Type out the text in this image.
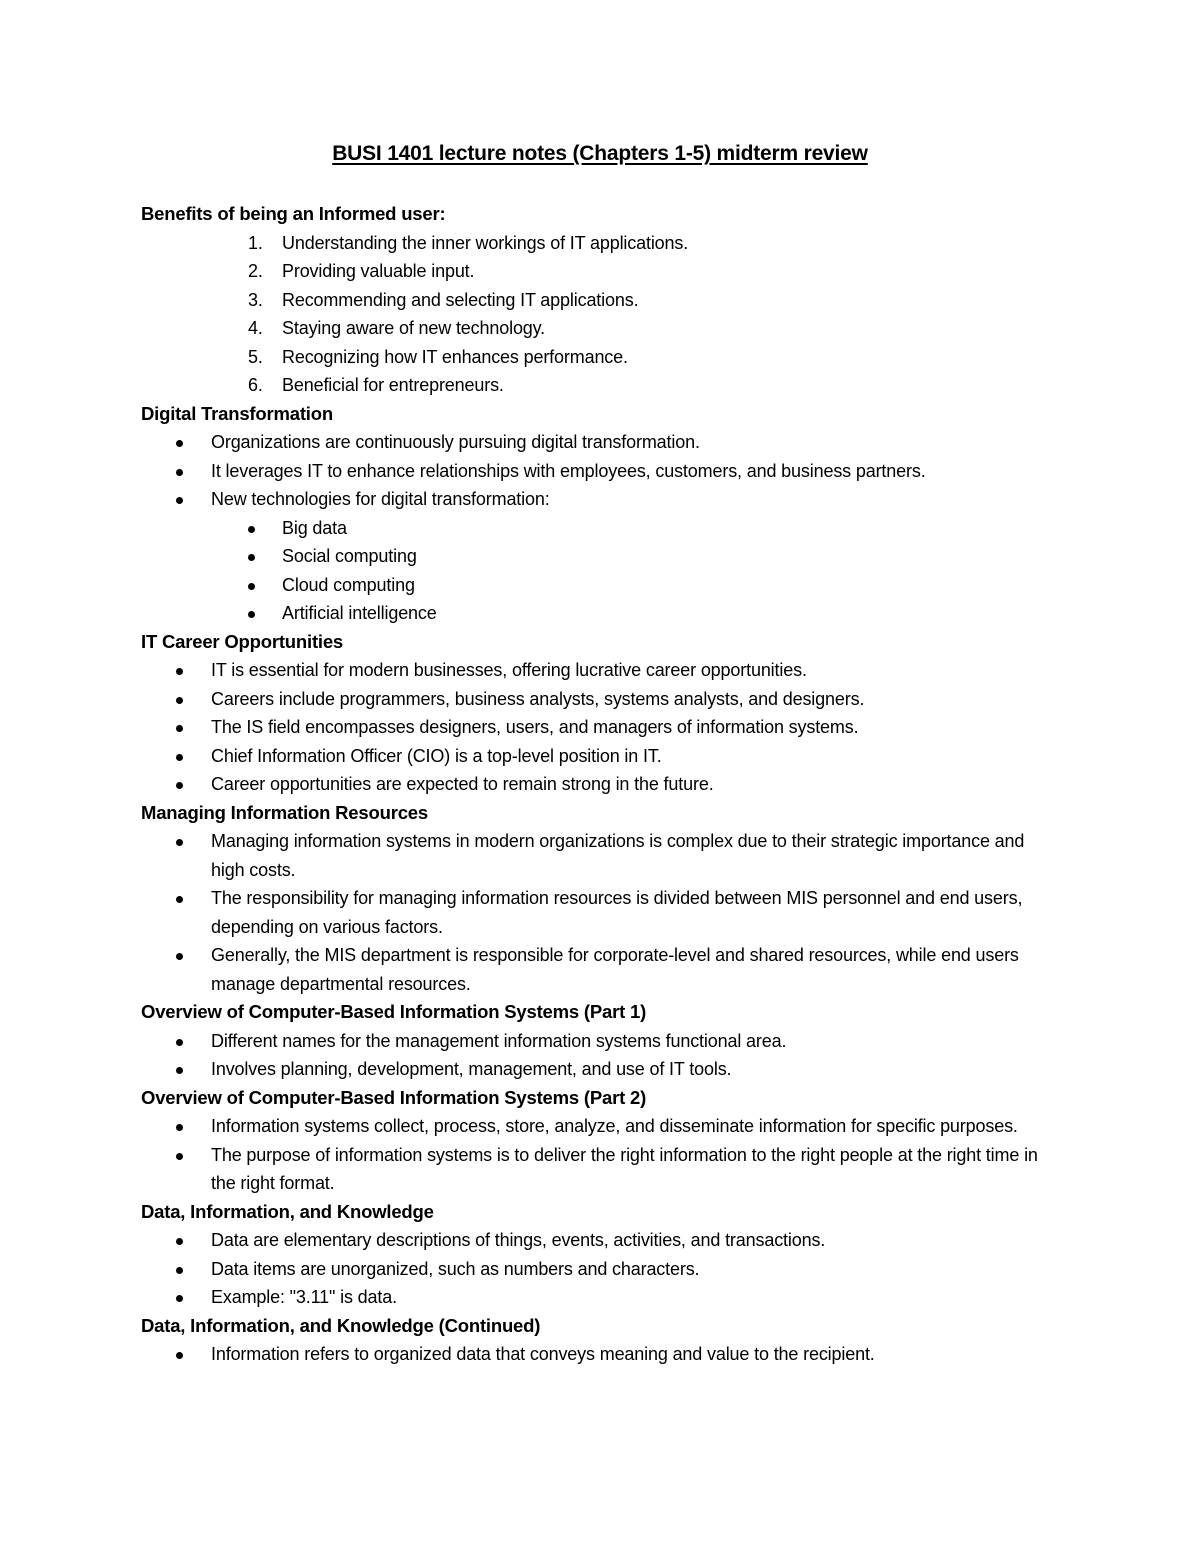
BUSI 1401 lecture notes (Chapters 1-5) midterm review
Benefits of being an Informed user:
1.	Understanding the inner workings of IT applications.
2.	Providing valuable input.
3.	Recommending and selecting IT applications.
4.	Staying aware of new technology.
5.	Recognizing how IT enhances performance.
6.	Beneficial for entrepreneurs.
Digital Transformation
Organizations are continuously pursuing digital transformation.
It leverages IT to enhance relationships with employees, customers, and business partners.
New technologies for digital transformation:
Big data
Social computing
Cloud computing
Artificial intelligence
IT Career Opportunities
IT is essential for modern businesses, offering lucrative career opportunities.
Careers include programmers, business analysts, systems analysts, and designers.
The IS field encompasses designers, users, and managers of information systems.
Chief Information Officer (CIO) is a top-level position in IT.
Career opportunities are expected to remain strong in the future.
Managing Information Resources
Managing information systems in modern organizations is complex due to their strategic importance and high costs.
The responsibility for managing information resources is divided between MIS personnel and end users, depending on various factors.
Generally, the MIS department is responsible for corporate-level and shared resources, while end users manage departmental resources.
Overview of Computer-Based Information Systems (Part 1)
Different names for the management information systems functional area.
Involves planning, development, management, and use of IT tools.
Overview of Computer-Based Information Systems (Part 2)
Information systems collect, process, store, analyze, and disseminate information for specific purposes.
The purpose of information systems is to deliver the right information to the right people at the right time in the right format.
Data, Information, and Knowledge
Data are elementary descriptions of things, events, activities, and transactions.
Data items are unorganized, such as numbers and characters.
Example: "3.11" is data.
Data, Information, and Knowledge (Continued)
Information refers to organized data that conveys meaning and value to the recipient.
